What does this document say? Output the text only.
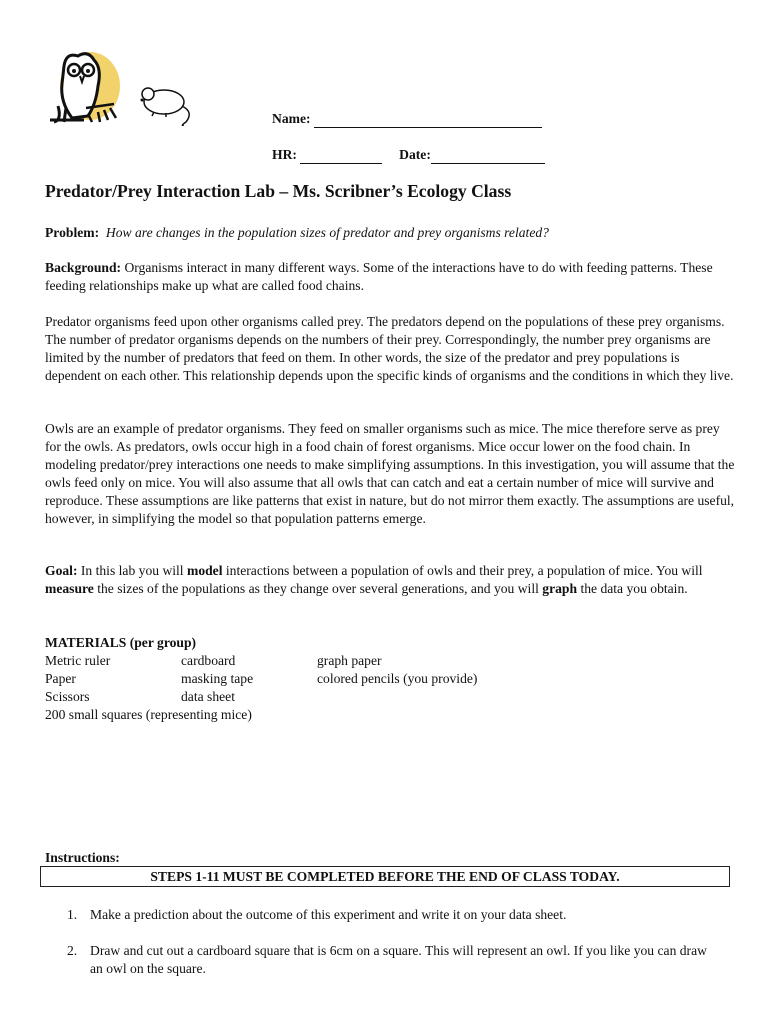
Name:
HR:	Date:
Predator/Prey Interaction Lab – Ms. Scribner’s Ecology Class

Problem: How are changes in the population sizes of predator and prey organisms related?

Background: Organisms interact in many different ways. Some of the interactions have to do with feeding patterns. These feeding relationships make up what are called food chains.

Predator organisms feed upon other organisms called prey. The predators depend on the populations of these prey organisms. The number of predator organisms depends on the numbers of their prey. Correspondingly, the number prey organisms are limited by the number of predators that feed on them. In other words, the size of the predator and prey populations is dependent on each other. This relationship depends upon the specific kinds of organisms and the conditions in which they live.

Owls are an example of predator organisms. They feed on smaller organisms such as mice. The mice therefore serve as prey for the owls. As predators, owls occur high in a food chain of forest organisms. Mice occur lower on the food chain. In modeling predator/prey interactions one needs to make simplifying assumptions. In this investigation, you will assume that the owls feed only on mice. You will also assume that all owls that can catch and eat a certain number of mice will survive and reproduce. These assumptions are like patterns that exist in nature, but do not mirror them exactly. The assumptions are useful, however, in simplifying the model so that population patterns emerge.

Goal: In this lab you will model interactions between a population of owls and their prey, a population of mice. You will measure the sizes of the populations as they change over several generations, and you will graph the data you obtain.

MATERIALS (per group)
Metric ruler
Paper
Scissors
cardboard
masking tape
data sheet
graph paper
colored pencils (you provide)
200 small squares (representing mice)
Instructions:
STEPS 1-11 MUST BE COMPLETED BEFORE THE END OF CLASS TODAY.
1. Make a prediction about the outcome of this experiment and write it on your data sheet.
2. Draw and cut out a cardboard square that is 6cm on a square. This will represent an owl. If you like you can draw an owl on the square.
